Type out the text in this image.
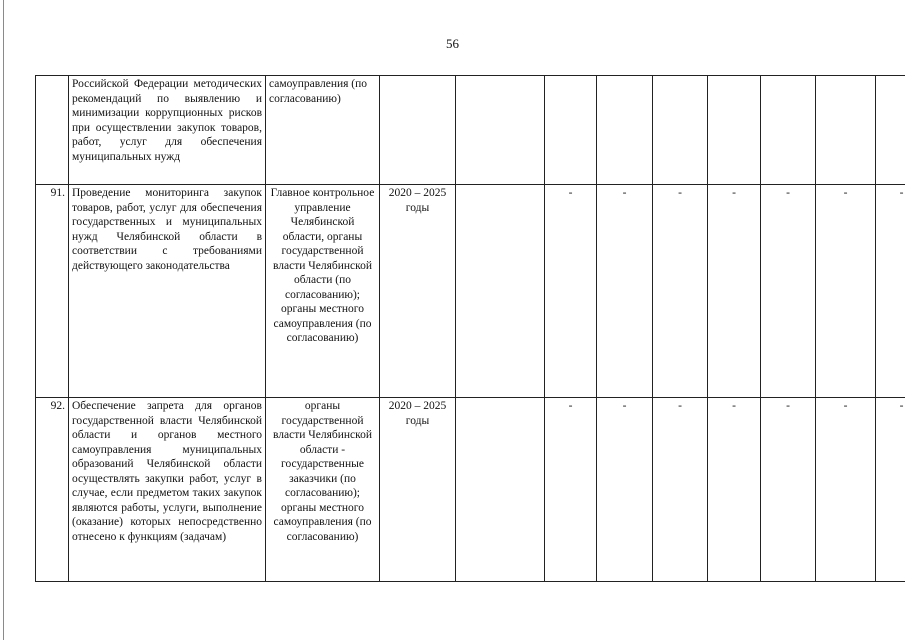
56

	Российской Федерации методических рекомендаций по выявлению и минимизации коррупционных рисков при осуществлении закупок товаров, работ, услуг для обеспечения муниципальных нужд	самоуправления (по согласованию)									
91.	Проведение мониторинга закупок товаров, работ, услуг для обеспечения государственных и муниципальных нужд Челябинской области в соответствии с требованиями действующего законодательства	Главное контрольное управление Челябинской области, органы государственной власти Челябинской области (по согласованию); органы местного самоуправления (по согласованию)	2020 – 2025 годы		-	-	-	-	-	-	-
92.	Обеспечение запрета для органов государственной власти Челябинской области и органов местного самоуправления муниципальных образований Челябинской области осуществлять закупки работ, услуг в случае, если предметом таких закупок являются работы, услуги, выполнение (оказание) которых непосредственно отнесено к функциям (задачам)	органы государственной власти Челябинской области - государственные заказчики (по согласованию); органы местного самоуправления (по согласованию)	2020 – 2025 годы		-	-	-	-	-	-	-
